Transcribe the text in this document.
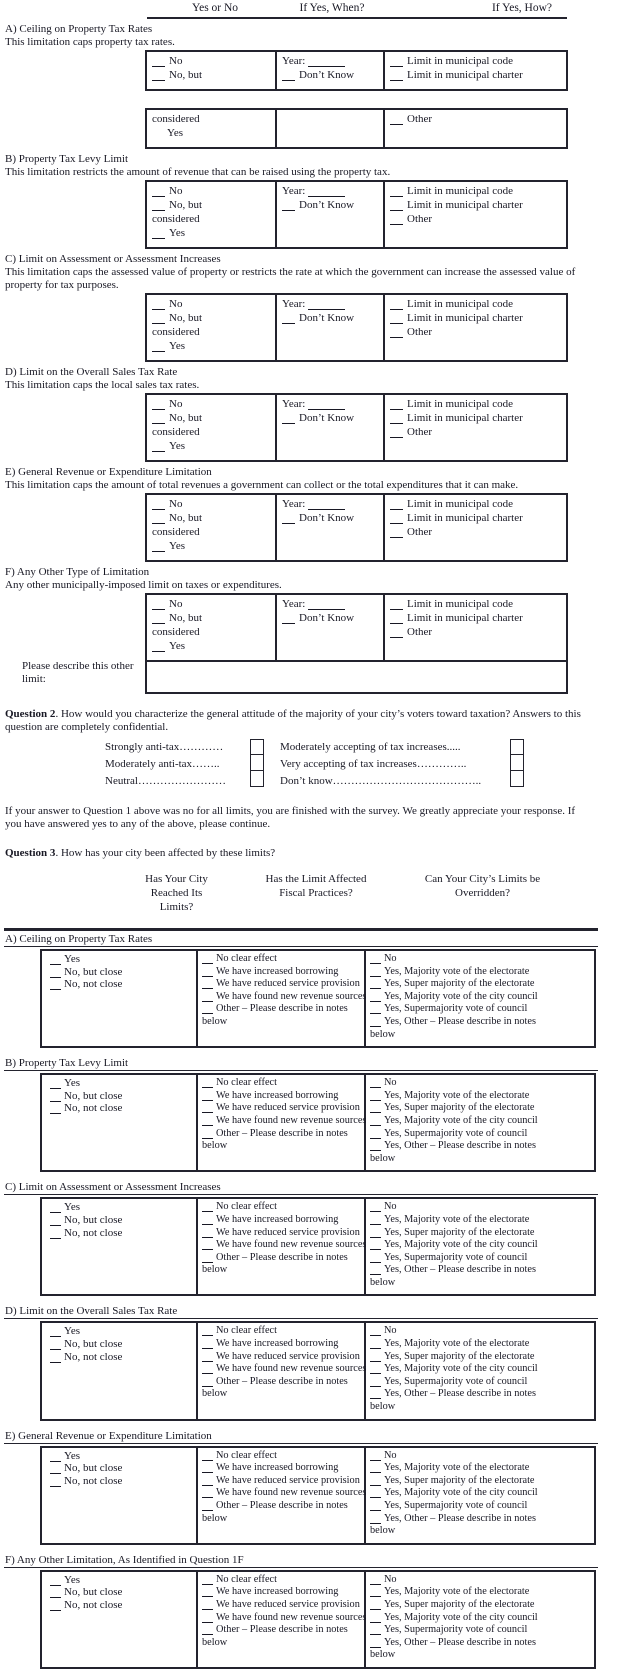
Yes or No	If Yes, When?	If Yes, How?
A) Ceiling on Property Tax Rates
This limitation caps property tax rates.
No
No, but
Year:
Don’t Know
Limit in municipal code
Limit in municipal charter
considered
Yes
Other
B) Property Tax Levy Limit
This limitation restricts the amount of revenue that can be raised using the property tax.
No
No, but
considered
Yes
Year:
Don’t Know
Limit in municipal code
Limit in municipal charter
Other
C) Limit on Assessment or Assessment Increases
This limitation caps the assessed value of property or restricts the rate at which the government can increase the assessed value of property for tax purposes.
No
No, but
considered
Yes
Year:
Don’t Know
Limit in municipal code
Limit in municipal charter
Other
D) Limit on the Overall Sales Tax Rate
This limitation caps the local sales tax rates.
No
No, but
considered
Yes
Year:
Don’t Know
Limit in municipal code
Limit in municipal charter
Other
E) General Revenue or Expenditure Limitation
This limitation caps the amount of total revenues a government can collect or the total expenditures that it can make.
No
No, but
considered
Yes
Year:
Don’t Know
Limit in municipal code
Limit in municipal charter
Other
F) Any Other Type of Limitation
Any other municipally-imposed limit on taxes or expenditures.
No
No, but
considered
Yes
Year:
Don’t Know
Limit in municipal code
Limit in municipal charter
Other
Please describe this other limit:
Question 2. How would you characterize the general attitude of the majority of your city’s voters toward taxation? Answers to this question are completely confidential.
Strongly anti-tax…………
Moderately anti-tax……..
Neutral……………………
Moderately accepting of tax increases.....
Very accepting of tax increases…………..
Don’t know…………………………………..
If your answer to Question 1 above was no for all limits, you are finished with the survey. We greatly appreciate your response. If you have answered yes to any of the above, please continue.
Question 3. How has your city been affected by these limits?
Has Your City
Reached Its
Limits?
Has the Limit Affected
Fiscal Practices?
Can Your City’s Limits be
Overridden?
A) Ceiling on Property Tax Rates
Yes
No, but close
No, not close
No clear effect
We have increased borrowing
We have reduced service provision
We have found new revenue sources
Other – Please describe in notes
below
No
Yes, Majority vote of the electorate
Yes, Super majority of the electorate
Yes, Majority vote of the city council
Yes, Supermajority vote of council
Yes, Other – Please describe in notes
below
B) Property Tax Levy Limit
Yes
No, but close
No, not close
No clear effect
We have increased borrowing
We have reduced service provision
We have found new revenue sources
Other – Please describe in notes
below
No
Yes, Majority vote of the electorate
Yes, Super majority of the electorate
Yes, Majority vote of the city council
Yes, Supermajority vote of council
Yes, Other – Please describe in notes
below
C) Limit on Assessment or Assessment Increases
Yes
No, but close
No, not close
No clear effect
We have increased borrowing
We have reduced service provision
We have found new revenue sources
Other – Please describe in notes
below
No
Yes, Majority vote of the electorate
Yes, Super majority of the electorate
Yes, Majority vote of the city council
Yes, Supermajority vote of council
Yes, Other – Please describe in notes
below
D) Limit on the Overall Sales Tax Rate
Yes
No, but close
No, not close
No clear effect
We have increased borrowing
We have reduced service provision
We have found new revenue sources
Other – Please describe in notes
below
No
Yes, Majority vote of the electorate
Yes, Super majority of the electorate
Yes, Majority vote of the city council
Yes, Supermajority vote of council
Yes, Other – Please describe in notes
below
E) General Revenue or Expenditure Limitation
Yes
No, but close
No, not close
No clear effect
We have increased borrowing
We have reduced service provision
We have found new revenue sources
Other – Please describe in notes
below
No
Yes, Majority vote of the electorate
Yes, Super majority of the electorate
Yes, Majority vote of the city council
Yes, Supermajority vote of council
Yes, Other – Please describe in notes
below
F) Any Other Limitation, As Identified in Question 1F
Yes
No, but close
No, not close
No clear effect
We have increased borrowing
We have reduced service provision
We have found new revenue sources
Other – Please describe in notes
below
No
Yes, Majority vote of the electorate
Yes, Super majority of the electorate
Yes, Majority vote of the city council
Yes, Supermajority vote of council
Yes, Other – Please describe in notes
below
